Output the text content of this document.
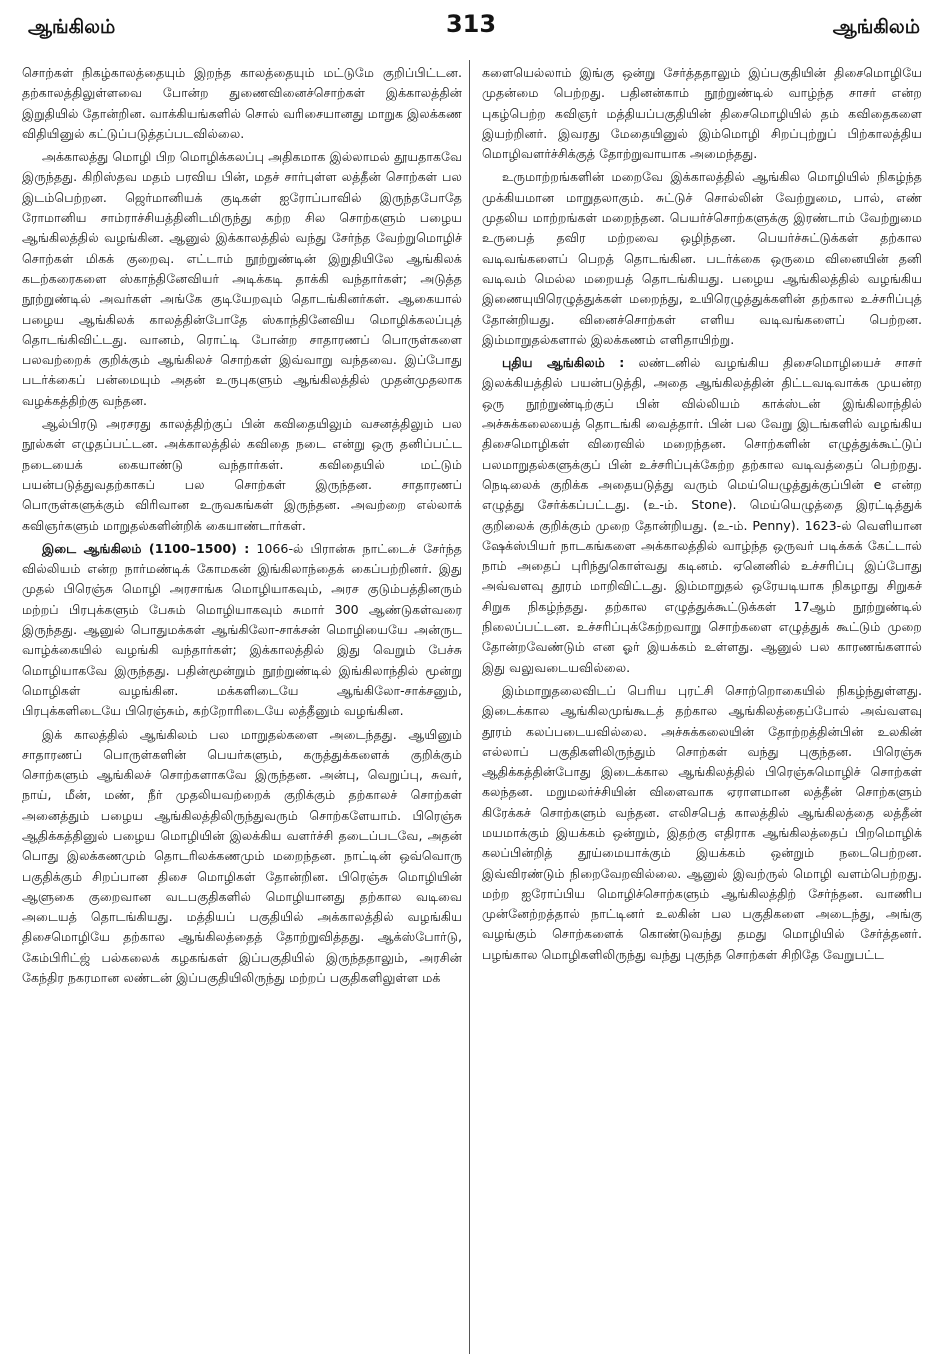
ஆங்கிலம்	313	ஆங்கிலம்

சொற்கள் நிகழ்காலத்தையும் இறந்த காலத்தையும் மட்டுமே குறிப்பிட்டன. தற்காலத்திலுள்ளவை போன்ற துணைவினைச்சொற்கள் இக்காலத்தின் இறுதியில் தோன்றின. வாக்கியங்களில் சொல் வரிசையானது மாறுக இலக்கண விதியினுல் கட்டுப்படுத்தப்படவில்லை.

அக்காலத்து மொழி பிற மொழிக்கலப்பு அதிகமாக இல்லாமல் தூயதாகவே இருந்தது. கிறிஸ்தவ மதம் பரவிய பின், மதச் சார்புள்ள லத்தீன் சொற்கள் பல இடம்பெற்றன. ஜெர்மானியக் குடிகள் ஐரோப்பாவில் இருந்தபோதே ரோமானிய சாம்ராச்சியத்தினிடமிருந்து கற்ற சில சொற்களும் பழைய ஆங்கிலத்தில் வழங்கின. ஆனுல் இக்காலத்தில் வந்து சேர்ந்த வேற்றுமொழிச் சொற்கள் மிகக் குறைவு. எட்டாம் நூற்றுண்டின் இறுதியிலே ஆங்கிலக் கடற்கரைகளை ஸ்காந்தினேவியர் அடிக்கடி தாக்கி வந்தார்கள்; அடுத்த நூற்றுண்டில் அவர்கள் அங்கே குடியேறவும் தொடங்கினர்கள். ஆகையால் பழைய ஆங்கிலக் காலத்தின்போதே ஸ்காந்தினேவிய மொழிக்கலப்புத் தொடங்கிவிட்டது. வானம், ரொட்டி போன்ற சாதாரணப் பொருள்களை பலவற்றைக் குறிக்கும் ஆங்கிலச் சொற்கள் இவ்வாறு வந்தவை. இப்போது படர்க்கைப் பன்மையும் அதன் உருபுகளும் ஆங்கிலத்தில் முதன்முதலாக வழக்கத்திற்கு வந்தன.

ஆல்பிரடு அரசரது காலத்திற்குப் பின் கவிதையிலும் வசனத்திலும் பல நூல்கள் எழுதப்பட்டன. அக்காலத்தில் கவிதை நடை என்று ஒரு தனிப்பட்ட நடையைக் கையாண்டு வந்தார்கள். கவிதையில் மட்டும் பயன்படுத்துவதற்காகப் பல சொற்கள் இருந்தன. சாதாரணப் பொருள்களுக்கும் விரிவான உருவகங்கள் இருந்தன. அவற்றை எல்லாக் கவிஞர்களும் மாறுதல்களின்றிக் கையாண்டார்கள்.

இடை ஆங்கிலம் (1100–1500) : 1066-ல் பிரான்சு நாட்டைச் சேர்ந்த வில்லியம் என்ற நார்மண்டிக் கோமகன் இங்கிலாந்தைக் கைப்பற்றினர். இது முதல் பிரெஞ்சு மொழி அரசாங்க மொழியாகவும், அரச குடும்பத்தினரும் மற்றப் பிரபுக்களும் பேசும் மொழியாகவும் சுமார் 300 ஆண்டுகள்வரை இருந்தது. ஆனுல் பொதுமக்கள் ஆங்கிலோ-சாக்சன் மொழியையே அன்ருட வாழ்க்கையில் வழங்கி வந்தார்கள்; இக்காலத்தில் இது வெறும் பேச்சு மொழியாகவே இருந்தது. பதின்மூன்றும் நூற்றுண்டில் இங்கிலாந்தில் மூன்று மொழிகள் வழங்கின. மக்களிடையே ஆங்கிலோ-சாக்சனும், பிரபுக்களிடையே பிரெஞ்சும், கற்றோரிடையே லத்தீனும் வழங்கின.

இக் காலத்தில் ஆங்கிலம் பல மாறுதல்களை அடைந்தது. ஆயினும் சாதாரணப் பொருள்களின் பெயர்களும், கருத்துக்களைக் குறிக்கும் சொற்களும் ஆங்கிலச் சொற்களாகவே இருந்தன. அன்பு, வெறுப்பு, சுவர், நாய், மீன், மண், நீர் முதலியவற்றைக் குறிக்கும் தற்காலச் சொற்கள் அனைத்தும் பழைய ஆங்கிலத்திலிருந்துவரும் சொற்களேயாம். பிரெஞ்சு ஆதிக்கத்தினுல் பழைய மொழியின் இலக்கிய வளர்ச்சி தடைப்படவே, அதன் பொது இலக்கணமும் தொடரிலக்கணமும் மறைந்தன. நாட்டின் ஒவ்வொரு பகுதிக்கும் சிறப்பான திசை மொழிகள் தோன்றின. பிரெஞ்சு மொழியின் ஆளுகை குறைவான வடபகுதிகளில் மொழியானது தற்கால வடிவை அடையத் தொடங்கியது. மத்தியப் பகுதியில் அக்காலத்தில் வழங்கிய திசைமொழியே தற்கால ஆங்கிலத்தைத் தோற்றுவித்தது. ஆக்ஸ்போர்டு, கேம்பிரிட்ஜ் பல்கலைக் கழகங்கள் இப்பகுதியில் இருந்ததாலும், அரசின் கேந்திர நகரமான லண்டன் இப்பகுதியிலிருந்து மற்றப் பகுதிகளிலுள்ள மக்

களையெல்லாம் இங்கு ஒன்று சேர்த்ததாலும் இப்பகுதியின் திசைமொழியே முதன்மை பெற்றது. பதினன்காம் நூற்றுண்டில் வாழ்ந்த சாசர் என்ற புகழ்பெற்ற கவிஞர் மத்தியப்பகுதியின் திசைமொழியில் தம் கவிதைகளை இயற்றினர். இவரது மேதையினுல் இம்மொழி சிறப்புற்றுப் பிற்காலத்திய மொழிவளர்ச்சிக்குத் தோற்றுவாயாக அமைந்தது.

உருமாற்றங்களின் மறைவே இக்காலத்தில் ஆங்கில மொழியில் நிகழ்ந்த முக்கியமான மாறுதலாகும். சுட்டுச் சொல்லின் வேற்றுமை, பால், எண் முதலிய மாற்றங்கள் மறைந்தன. பெயர்ச்சொற்களுக்கு இரண்டாம் வேற்றுமை உருபைத் தவிர மற்றவை ஒழிந்தன. பெயர்ச்சுட்டுக்கள் தற்கால வடிவங்களைப் பெறத் தொடங்கின. படர்க்கை ஒருமை வினையின் தனி வடிவம் மெல்ல மறையத் தொடங்கியது. பழைய ஆங்கிலத்தில் வழங்கிய இணையுயிரெழுத்துக்கள் மறைந்து, உயிரெழுத்துக்களின் தற்கால உச்சரிப்புத் தோன்றியது. வினைச்சொற்கள் எளிய வடிவங்களைப் பெற்றன. இம்மாறுதல்களால் இலக்கணம் எளிதாயிற்று.

புதிய ஆங்கிலம் : லண்டனில் வழங்கிய திசைமொழியைச் சாசர் இலக்கியத்தில் பயன்படுத்தி, அதை ஆங்கிலத்தின் திட்டவடிவாக்க முயன்ற ஒரு நூற்றுண்டிற்குப் பின் வில்லியம் காக்ஸ்டன் இங்கிலாந்தில் அச்சுக்கலையைத் தொடங்கி வைத்தார். பின் பல வேறு இடங்களில் வழங்கிய திசைமொழிகள் விரைவில் மறைந்தன. சொற்களின் எழுத்துக்கூட்டுப் பலமாறுதல்களுக்குப் பின் உச்சரிப்புக்கேற்ற தற்கால வடிவத்தைப் பெற்றது. நெடிலைக் குறிக்க அதையடுத்து வரும் மெய்யெழுத்துக்குப்பின் e என்ற எழுத்து சேர்க்கப்பட்டது. (உ-ம். Stone). மெய்யெழுத்தை இரட்டித்துக் குறிலைக் குறிக்கும் முறை தோன்றியது. (உ-ம். Penny). 1623-ல் வெளியான ஷேக்ஸ்பியர் நாடகங்களை அக்காலத்தில் வாழ்ந்த ஒருவர் படிக்கக் கேட்டால் நாம் அதைப் புரிந்துகொள்வது கடினம். ஏனெனில் உச்சரிப்பு இப்போது அவ்வளவு தூரம் மாறிவிட்டது. இம்மாறுதல் ஒரேயடியாக நிகழாது சிறுகச் சிறுக நிகழ்ந்தது. தற்கால எழுத்துக்கூட்டுக்கள் 17ஆம் நூற்றுண்டில் நிலைப்பட்டன. உச்சரிப்புக்கேற்றவாறு சொற்களை எழுத்துக் கூட்டும் முறை தோன்றவேண்டும் என ஓர் இயக்கம் உள்ளது. ஆனுல் பல காரணங்களால் இது வலுவடையவில்லை.

இம்மாறுதலைவிடப் பெரிய புரட்சி சொற்றொகையில் நிகழ்ந்துள்ளது. இடைக்கால ஆங்கிலமுங்கூடத் தற்கால ஆங்கிலத்தைப்போல் அவ்வளவு தூரம் கலப்படையவில்லை. அச்சுக்கலையின் தோற்றத்தின்பின் உலகின் எல்லாப் பகுதிகளிலிருந்தும் சொற்கள் வந்து புகுந்தன. பிரெஞ்சு ஆதிக்கத்தின்போது இடைக்கால ஆங்கிலத்தில் பிரெஞ்சுமொழிச் சொற்கள் கலந்தன. மறுமலர்ச்சியின் விளைவாக ஏராளமான லத்தீன் சொற்களும் கிரேக்கச் சொற்களும் வந்தன. எலிசபெத் காலத்தில் ஆங்கிலத்தை லத்தீன் மயமாக்கும் இயக்கம் ஒன்றும், இதற்கு எதிராக ஆங்கிலத்தைப் பிறமொழிக் கலப்பின்றித் தூய்மையாக்கும் இயக்கம் ஒன்றும் நடைபெற்றன. இவ்விரண்டும் நிறைவேறவில்லை. ஆனுல் இவற்ருல் மொழி வளம்பெற்றது. மற்ற ஐரோப்பிய மொழிச்சொற்களும் ஆங்கிலத்திற் சேர்ந்தன. வாணிப முன்னேற்றத்தால் நாட்டினர் உலகின் பல பகுதிகளை அடைந்து, அங்கு வழங்கும் சொற்களைக் கொண்டுவந்து தமது மொழியில் சேர்த்தனர். பழங்கால மொழிகளிலிருந்து வந்து புகுந்த சொற்கள் சிறிதே வேறுபட்ட
